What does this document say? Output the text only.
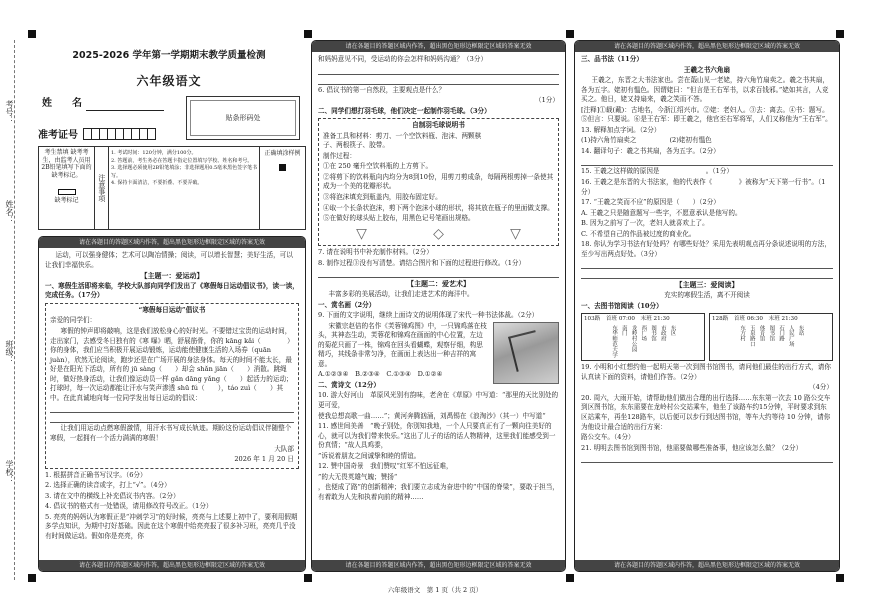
姓名：
学校：
班级：
考号：
2025-2026 学年第一学期期末教学质量检测
六年级语文
姓　　名
贴条形码处
准考证号
考生禁填 缺考考生，由监考人员用2B铅笔填写下面的缺考标记。
缺考标记	注意事项
1. 考试时间：120分钟，满分100分。
2. 答题前，考生务必在答题卡指定位置填写学校、姓名和考号。
3. 选择题必须使用2B铅笔填涂；非选择题用0.5毫米黑色签字笔书写。
4. 保持卡面清洁，不要折叠、不要弄破。
正确填涂样例
请在各题目的答题区域内作答，超出黑色矩形边框限定区域的答案无效
运动，可以强身健体；艺术可以陶冶情操；阅读，可以增长智慧；美好生活，可以让我们幸福快乐。
【主题一：爱运动】
一、寒假生活即将来临，学校大队部向同学们发出了《寒假每日运动倡议书》，读一读，完成任务。（17分）
“寒假每日运动”倡议书
亲爱的同学们：
寒假的钟声即将敲响，这是我们放松身心的好时光。不要错过宝贵的运动时间，走出家门，去感受冬日独有的《寒 曝》晒，舒展筋骨，你的 kāng kǎi（　　　　）你的身体，我们应当积极开展运动锻炼，运动能使健康生活的入场券（quān juàn），欣然无论阅读，跑步还是在广场开展的身法身体。每天的时间不能太长，最好是在阳光下活动，所有的 jū sàng（　　）却会 shǎn jiān（　　）消散。跳绳时，做好热身活动，让我们像运动员一样 gǎn dāng yǎng（　　）起活力的运动；打球时，每一次运动都能让汗水与笑声渗透 shū fú（　　），táo zuì（　　）其中。在此真诚地向每一位同学发出每日运动的倡议：
让我们用运动点燃寒假激情，用汗水书写成长轨迹。期盼这份运动倡议伴随整个寒假，一起拥有一个活力满满的寒假！
大队部
2026 年 1 月 20 日
1. 根据拼音正确书写汉字。（6分）
2. 选择正确的读音或字，打上“√”。（4分）
3. 请在文中的横线上补充倡议书内容。（2分）
4. 倡议书的格式有一处错误，请用修改符号改正。（1分）
5. 亮亮的妈妈认为寒假正是“冲刺学习”的好时候，亮亮与上述要上初中了，要利用假期多学点知识，为期中打好基础。因此在这个寒假中给亮亮报了很多补习班，亮亮几乎没有时间做运动。假如你是亮亮，你
请在各题目的答题区域内作答，超出黑色矩形边框限定区域的答案无效
请在各题目的答题区域内作答，超出黑色矩形边框限定区域的答案无效
和妈妈意见不同，受运动的你会怎样和妈妈沟通？（3分）
6. 倡议书的第一自然段，主要观点是什么？
（1分）
二、同学们想打羽毛球，他们决定一起制作羽毛球。（3分）
自制羽毛球说明书
准备工具和材料：剪刀、一个空饮料瓶、泡沫、两颗棋子、两根筷子、胶带。
制作过程：
①在 250 毫升空饮料瓶的上方剪下。
②将剪下的饮料瓶向内均分为8到10份，用剪刀剪成条，每隔两根剪掉一条使其成为一个美的花瓣形状。
③将泡沫填充到瓶盖内，用胶布固定好。
④取一个长条状泡沫，剪下两个泡沫小球的形状，将其放在瓶子的里面做支撑。
⑤在做好的球头贴上胶布，用黑色记号笔画出规格。
▽	◇	▽
7. 请在说明书中补充制作材料。（2分）
8. 制作过程③没有写清楚。请结合图片和下面的过程进行修改。（1分）
【主题二：爱艺术】
丰富多彩的美展活动，让我们走进艺术的海洋中。
一、赏名画（2分）
9. 下面的文字说明，继续上面诗文的说明体现了宋代一种书法体裁。（2分）
宋徽宗赵佶的名作《芙蓉锦鸡图》中，一只锦鸡落在枝头，其神态生动，芙蓉花和锦鸡在画面的中心位置，左边的菊花只画了一株，锦鸡在回头看蝴蝶，观察仔细，构思精巧，其线条非常匀净，在画面上表达出一种吉祥的寓意。
A.①②③④　B.②③④　C.①③④　D.①②④
二、赏诗文（12分）
10. 游大好河山　革原风光别有韵味，老舍在《草原》中写道：“那里的天比别处的更可爱，
使我总想高歌一曲……”；黄河奔腾汹涌，刘禹锡在《浪淘沙》（其一）中写道“
11. 感世间美善　“晚子别处，你别知我地，一个人只要真正有了一颗向往美好的心，就可以为我们带来快乐。”这出了儿子的话的话人物精神，这里我们能感受到一份真情；“故人具鸡黍，
”诉说着朋友之间诚挚和睦的情谊。
12. 赞中国奇景　我们赞叹“红军不怕远征难，
”的大无畏英雄气魄；赞扬“
，也便成了路”的创新精神；我们要立志成为奋进中的“中国的脊梁”，要敢于担当，有着敢为人先和执着向前的精神……
请在各题目的答题区域内作答，超出黑色矩形边框限定区域的答案无效
请在各题目的答题区域内作答，超出黑色矩形边框限定区域的答案无效
三、品书法（11分）
王羲之书六角扇
王羲之，东晋之大书法家也。尝在蕺山见一老姥，持六角竹扇卖之。羲之书其扇，各为五字。姥初有愠色。因谓姥曰：“但言是王右军书，以求百钱邪。”姥如其言，人竞买之。他日，姥又持扇来，羲之笑而不答。
[注释]①载(戴)：古地名，今浙江绍兴市。②姥：老妇人。③去：离去。④书：题写。⑤但言：只要说。⑥是王右军：即王羲之，他官至右军将军，人们又称他为“王右军”。
13. 解释加点字词。（2分）
(1)持六角竹扇卖之　　　　　	(2)姥初有愠色
14. 翻译句子：羲之书其扇，各为五字。（2分）
15. 王羲之这样做的原因是　　　　　　　	。（1分）
16. 王羲之是东晋的大书法家，他的代表作《　　　　	》被称为“天下第一行书”。（1分）
17. “王羲之笑而不应”的原因是（　　）（2分）
A. 王羲之只是随意题写一些字，不愿意承认是他写的。
B. 因为之前写了一次，老妇人就喜欢上了。
C. 不希望自己的作品被过度的商业化。
18. 你认为学习书法有好处吗？有哪些好处？采用先表明观点再分条说述说明的方法，至少写出两点好处。（3分）
【主题三：爱阅读】
充实的寒假生活，离不开阅读
一、去图书馆阅读（10分）
103路　首班 07:00　末班 21:30
东华师范大学 南门 龙岭村公园 西广场 图书馆 市政府 东区
128路　首班 06:30　末班 21:30
东方村 玉泉路口 体育馆 图书馆 石门路 人民广场 东站
19. 小明和小红想约他一起明天第一次到图书馆图书，请问他们最佳的出行方式，请你认真读下面的资料，请他们作答。（2分）
（4分）
20. 周六，大雨开始，请帮助他们做出合理的出行选择……东东第一次去 10 路公交车到区图书馆，东东需要在龙岭村公交站乘车，他坐了该路车约15分钟，平时要求到东区站乘车，再坐128路车，以后便可以步行到达图书馆，等车大约等待 10 分钟，请你为他设计最合适的出行方案：
路公交车。（4分）
21. 明明去图书馆到图书馆，他需要做哪些准备事，他应该怎么做？（2分）
请在各题目的答题区域内作答，超出黑色矩形边框限定区域的答案无效
六年级语文　第 1 页（共 2 页）
